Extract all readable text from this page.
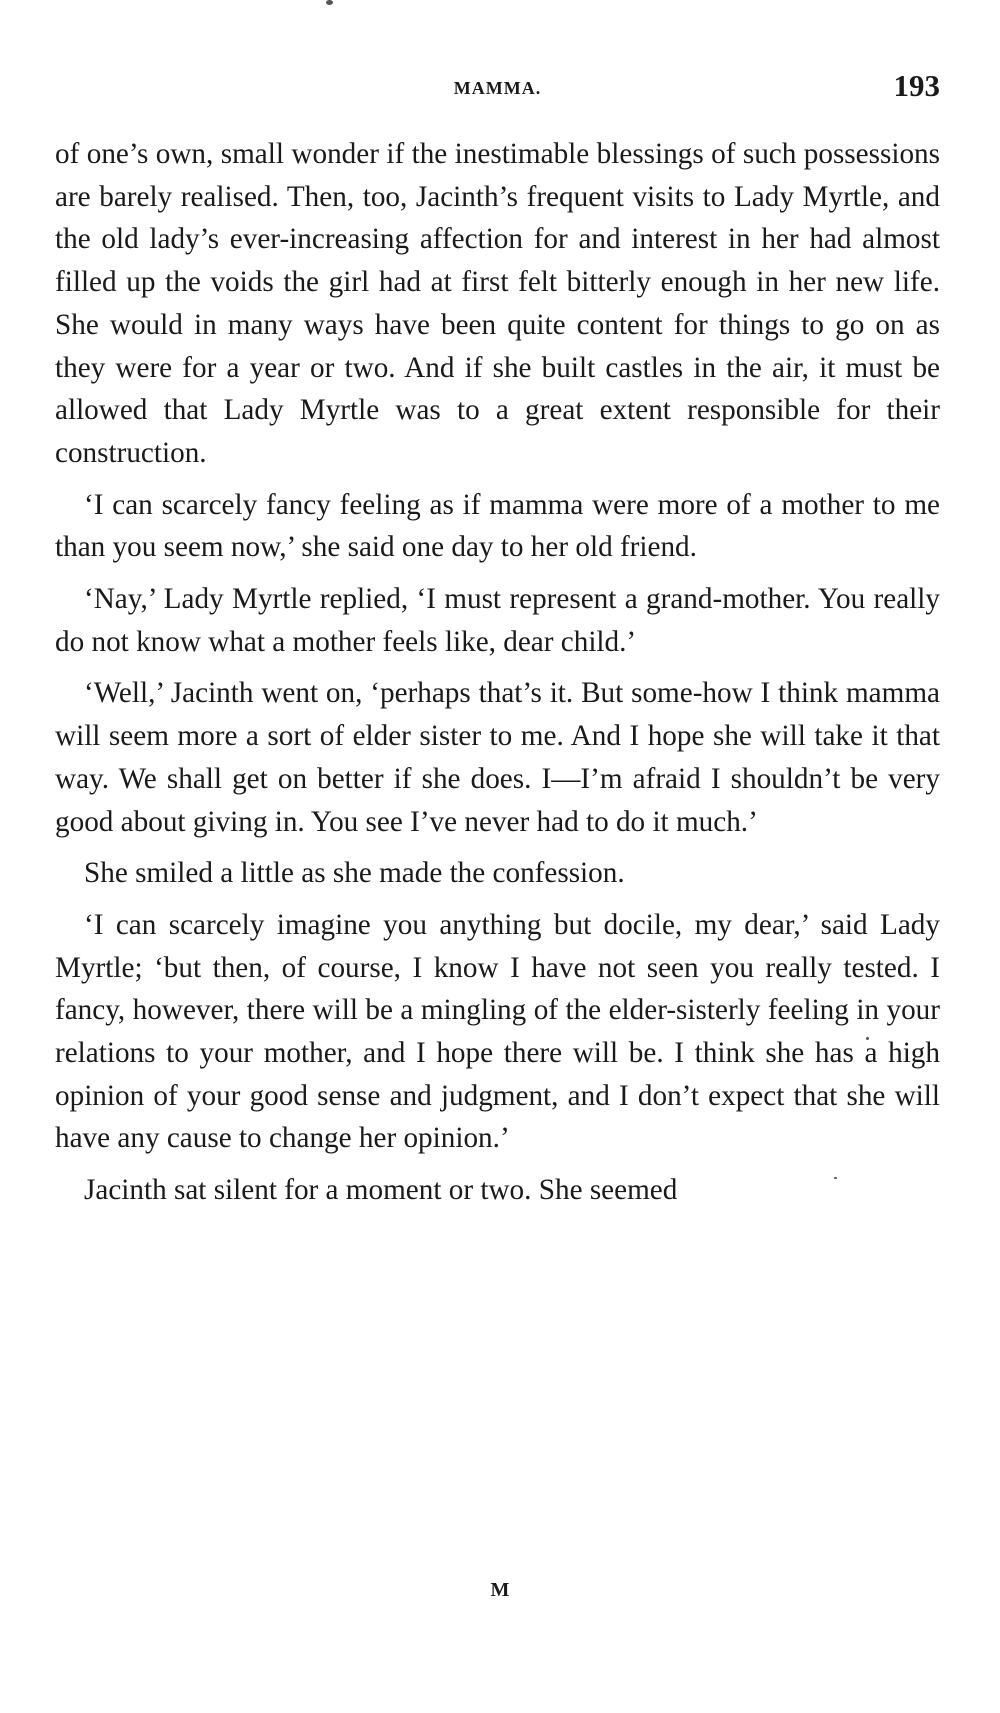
MAMMA.	193

of one’s own, small wonder if the inestimable blessings of such possessions are barely realised. Then, too, Jacinth’s frequent visits to Lady Myrtle, and the old lady’s ever-increasing affection for and interest in her had almost filled up the voids the girl had at first felt bitterly enough in her new life. She would in many ways have been quite content for things to go on as they were for a year or two. And if she built castles in the air, it must be allowed that Lady Myrtle was to a great extent responsible for their construction.

‘I can scarcely fancy feeling as if mamma were more of a mother to me than you seem now,’ she said one day to her old friend.

‘Nay,’ Lady Myrtle replied, ‘I must represent a grand-mother. You really do not know what a mother feels like, dear child.’

‘Well,’ Jacinth went on, ‘perhaps that’s it. But some-how I think mamma will seem more a sort of elder sister to me. And I hope she will take it that way. We shall get on better if she does. I—I’m afraid I shouldn’t be very good about giving in. You see I’ve never had to do it much.’

She smiled a little as she made the confession.

‘I can scarcely imagine you anything but docile, my dear,’ said Lady Myrtle; ‘but then, of course, I know I have not seen you really tested. I fancy, however, there will be a mingling of the elder-sisterly feeling in your relations to your mother, and I hope there will be. I think she has a high opinion of your good sense and judgment, and I don’t expect that she will have any cause to change her opinion.’

Jacinth sat silent for a moment or two. She seemed

M
